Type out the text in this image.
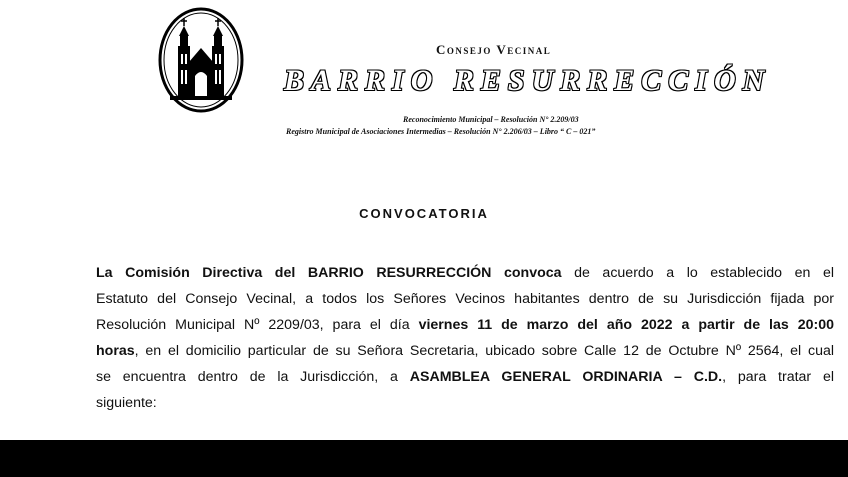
Consejo Vecinal
BARRIO RESURRECCIÓN
Reconocimiento Municipal – Resolución N° 2.209/03
Registro Municipal de Asociaciones Intermedias – Resolución N° 2.206/03 – Libro “ C – 021”
CONVOCATORIA
La Comisión Directiva del BARRIO RESURRECCIÓN convoca de acuerdo a lo establecido en el
Estatuto del Consejo Vecinal, a todos los Señores Vecinos habitantes dentro de su Jurisdicción fijada por
Resolución Municipal Nº 2209/03, para el día viernes 11 de marzo del año 2022 a partir de las 20:00
horas, en el domicilio particular de su Señora Secretaria, ubicado sobre Calle 12 de Octubre Nº 2564, el cual
se encuentra dentro de la Jurisdicción, a ASAMBLEA GENERAL ORDINARIA – C.D., para tratar el
siguiente:
